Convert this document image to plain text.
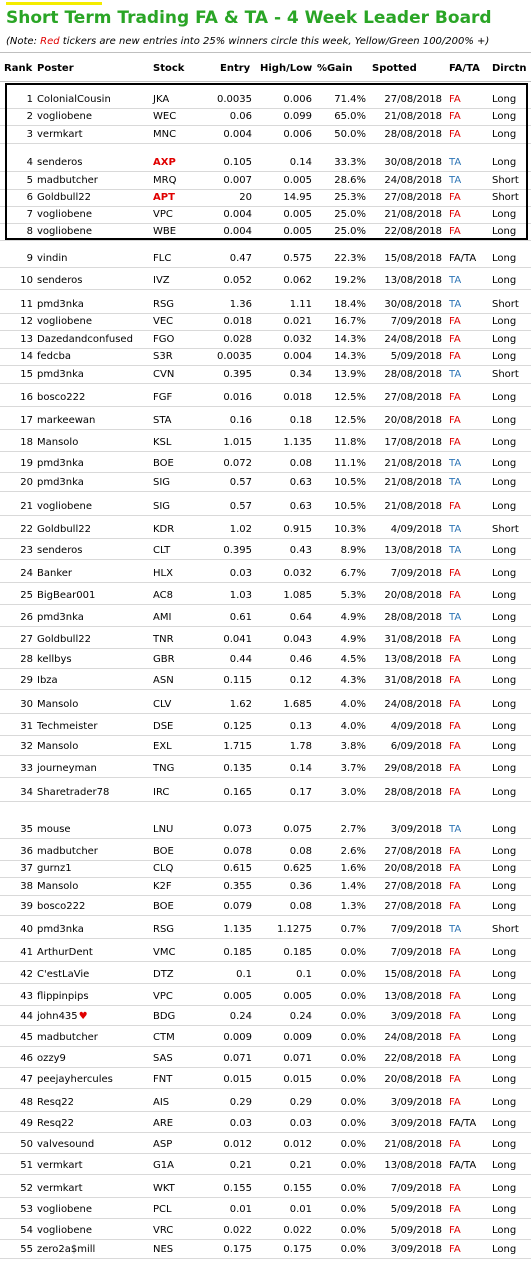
Short Term Trading FA & TA - 4 Week Leader Board
(Note: Red tickers are new entries into 25% winners circle this week, Yellow/Green 100/200% +)
Rank Poster	Stock	Entry High/Low %Gain Spotted	FA/TA Dirctn
1 ColonialCousin	JKA	0.0035	0.006	71.4%	27/08/2018 FA	Long
2 vogliobene	WEC	0.06	0.099	65.0%	21/08/2018 FA	Long
3 vermkart	MNC	0.004	0.006	50.0%	28/08/2018 FA	Long
4 senderos	AXP	0.105	0.14	33.3%	30/08/2018 TA	Long
5 madbutcher	MRQ	0.007	0.005	28.6%	24/08/2018 TA	Short
6 Goldbull22	APT	20	14.95	25.3%	27/08/2018 FA	Short
7 vogliobene	VPC	0.004	0.005	25.0%	21/08/2018 FA	Long
8 vogliobene	WBE	0.004	0.005	25.0%	22/08/2018 FA	Long
9 vindin	FLC	0.47	0.575	22.3%	15/08/2018 FA/TA Long
10 senderos	IVZ	0.052	0.062	19.2%	13/08/2018 TA	Long
11 pmd3nka	RSG	1.36	1.11	18.4%	30/08/2018 TA	Short
12 vogliobene	VEC	0.018	0.021	16.7%	7/09/2018 FA	Long
13 Dazedandconfused FGO	0.028	0.032	14.3%	24/08/2018 FA	Long
14 fedcba	S3R	0.0035	0.004	14.3%	5/09/2018 FA	Long
15 pmd3nka	CVN	0.395	0.34	13.9%	28/08/2018 TA	Short
16 bosco222	FGF	0.016	0.018	12.5%	27/08/2018 FA	Long
17 markeewan	STA	0.16	0.18	12.5%	20/08/2018 FA	Long
18 Mansolo	KSL	1.015	1.135	11.8%	17/08/2018 FA	Long
19 pmd3nka	BOE	0.072	0.08	11.1%	21/08/2018 TA	Long
20 pmd3nka	SIG	0.57	0.63	10.5%	21/08/2018 TA	Long
21 vogliobene	SIG	0.57	0.63	10.5%	21/08/2018 FA	Long
22 Goldbull22	KDR	1.02	0.915	10.3%	4/09/2018 TA	Short
23 senderos	CLT	0.395	0.43	8.9%	13/08/2018 TA	Long
24 Banker	HLX	0.03	0.032	6.7%	7/09/2018 FA	Long
25 BigBear001	AC8	1.03	1.085	5.3%	20/08/2018 FA	Long
26 pmd3nka	AMI	0.61	0.64	4.9%	28/08/2018 TA	Long
27 Goldbull22	TNR	0.041	0.043	4.9%	31/08/2018 FA	Long
28 kellbys	GBR	0.44	0.46	4.5%	13/08/2018 FA	Long
29 Ibza	ASN	0.115	0.12	4.3%	31/08/2018 FA	Long
30 Mansolo	CLV	1.62	1.685	4.0%	24/08/2018 FA	Long
31 Techmeister	DSE	0.125	0.13	4.0%	4/09/2018 FA	Long
32 Mansolo	EXL	1.715	1.78	3.8%	6/09/2018 FA	Long
33 journeyman	TNG	0.135	0.14	3.7%	29/08/2018 FA	Long
34 Sharetrader78	IRC	0.165	0.17	3.0%	28/08/2018 FA	Long
35 mouse	LNU	0.073	0.075	2.7%	3/09/2018 TA	Long
36 madbutcher	BOE	0.078	0.08	2.6%	27/08/2018 FA	Long
37 gurnz1	CLQ	0.615	0.625	1.6%	20/08/2018 FA	Long
38 Mansolo	K2F	0.355	0.36	1.4%	27/08/2018 FA	Long
39 bosco222	BOE	0.079	0.08	1.3%	27/08/2018 FA	Long
40 pmd3nka	RSG	1.135	1.1275	0.7%	7/09/2018 TA	Short
41 ArthurDent	VMC	0.185	0.185	0.0%	7/09/2018 FA	Long
42 C'estLaVie	DTZ	0.1	0.1	0.0%	15/08/2018 FA	Long
43 flippinpips	VPC	0.005	0.005	0.0%	13/08/2018 FA	Long
44 john435♥	BDG	0.24	0.24	0.0%	3/09/2018 FA	Long
45 madbutcher	CTM	0.009	0.009	0.0%	24/08/2018 FA	Long
46 ozzy9	SAS	0.071	0.071	0.0%	22/08/2018 FA	Long
47 peejayhercules	FNT	0.015	0.015	0.0%	20/08/2018 FA	Long
48 Resq22	AIS	0.29	0.29	0.0%	3/09/2018 FA	Long
49 Resq22	ARE	0.03	0.03	0.0%	3/09/2018 FA/TA Long
50 valvesound	ASP	0.012	0.012	0.0%	21/08/2018 FA	Long
51 vermkart	G1A	0.21	0.21	0.0%	13/08/2018 FA/TA Long
52 vermkart	WKT	0.155	0.155	0.0%	7/09/2018 FA	Long
53 vogliobene	PCL	0.01	0.01	0.0%	5/09/2018 FA	Long
54 vogliobene	VRC	0.022	0.022	0.0%	5/09/2018 FA	Long
55 zero2a$mill	NES	0.175	0.175	0.0%	3/09/2018 FA	Long
